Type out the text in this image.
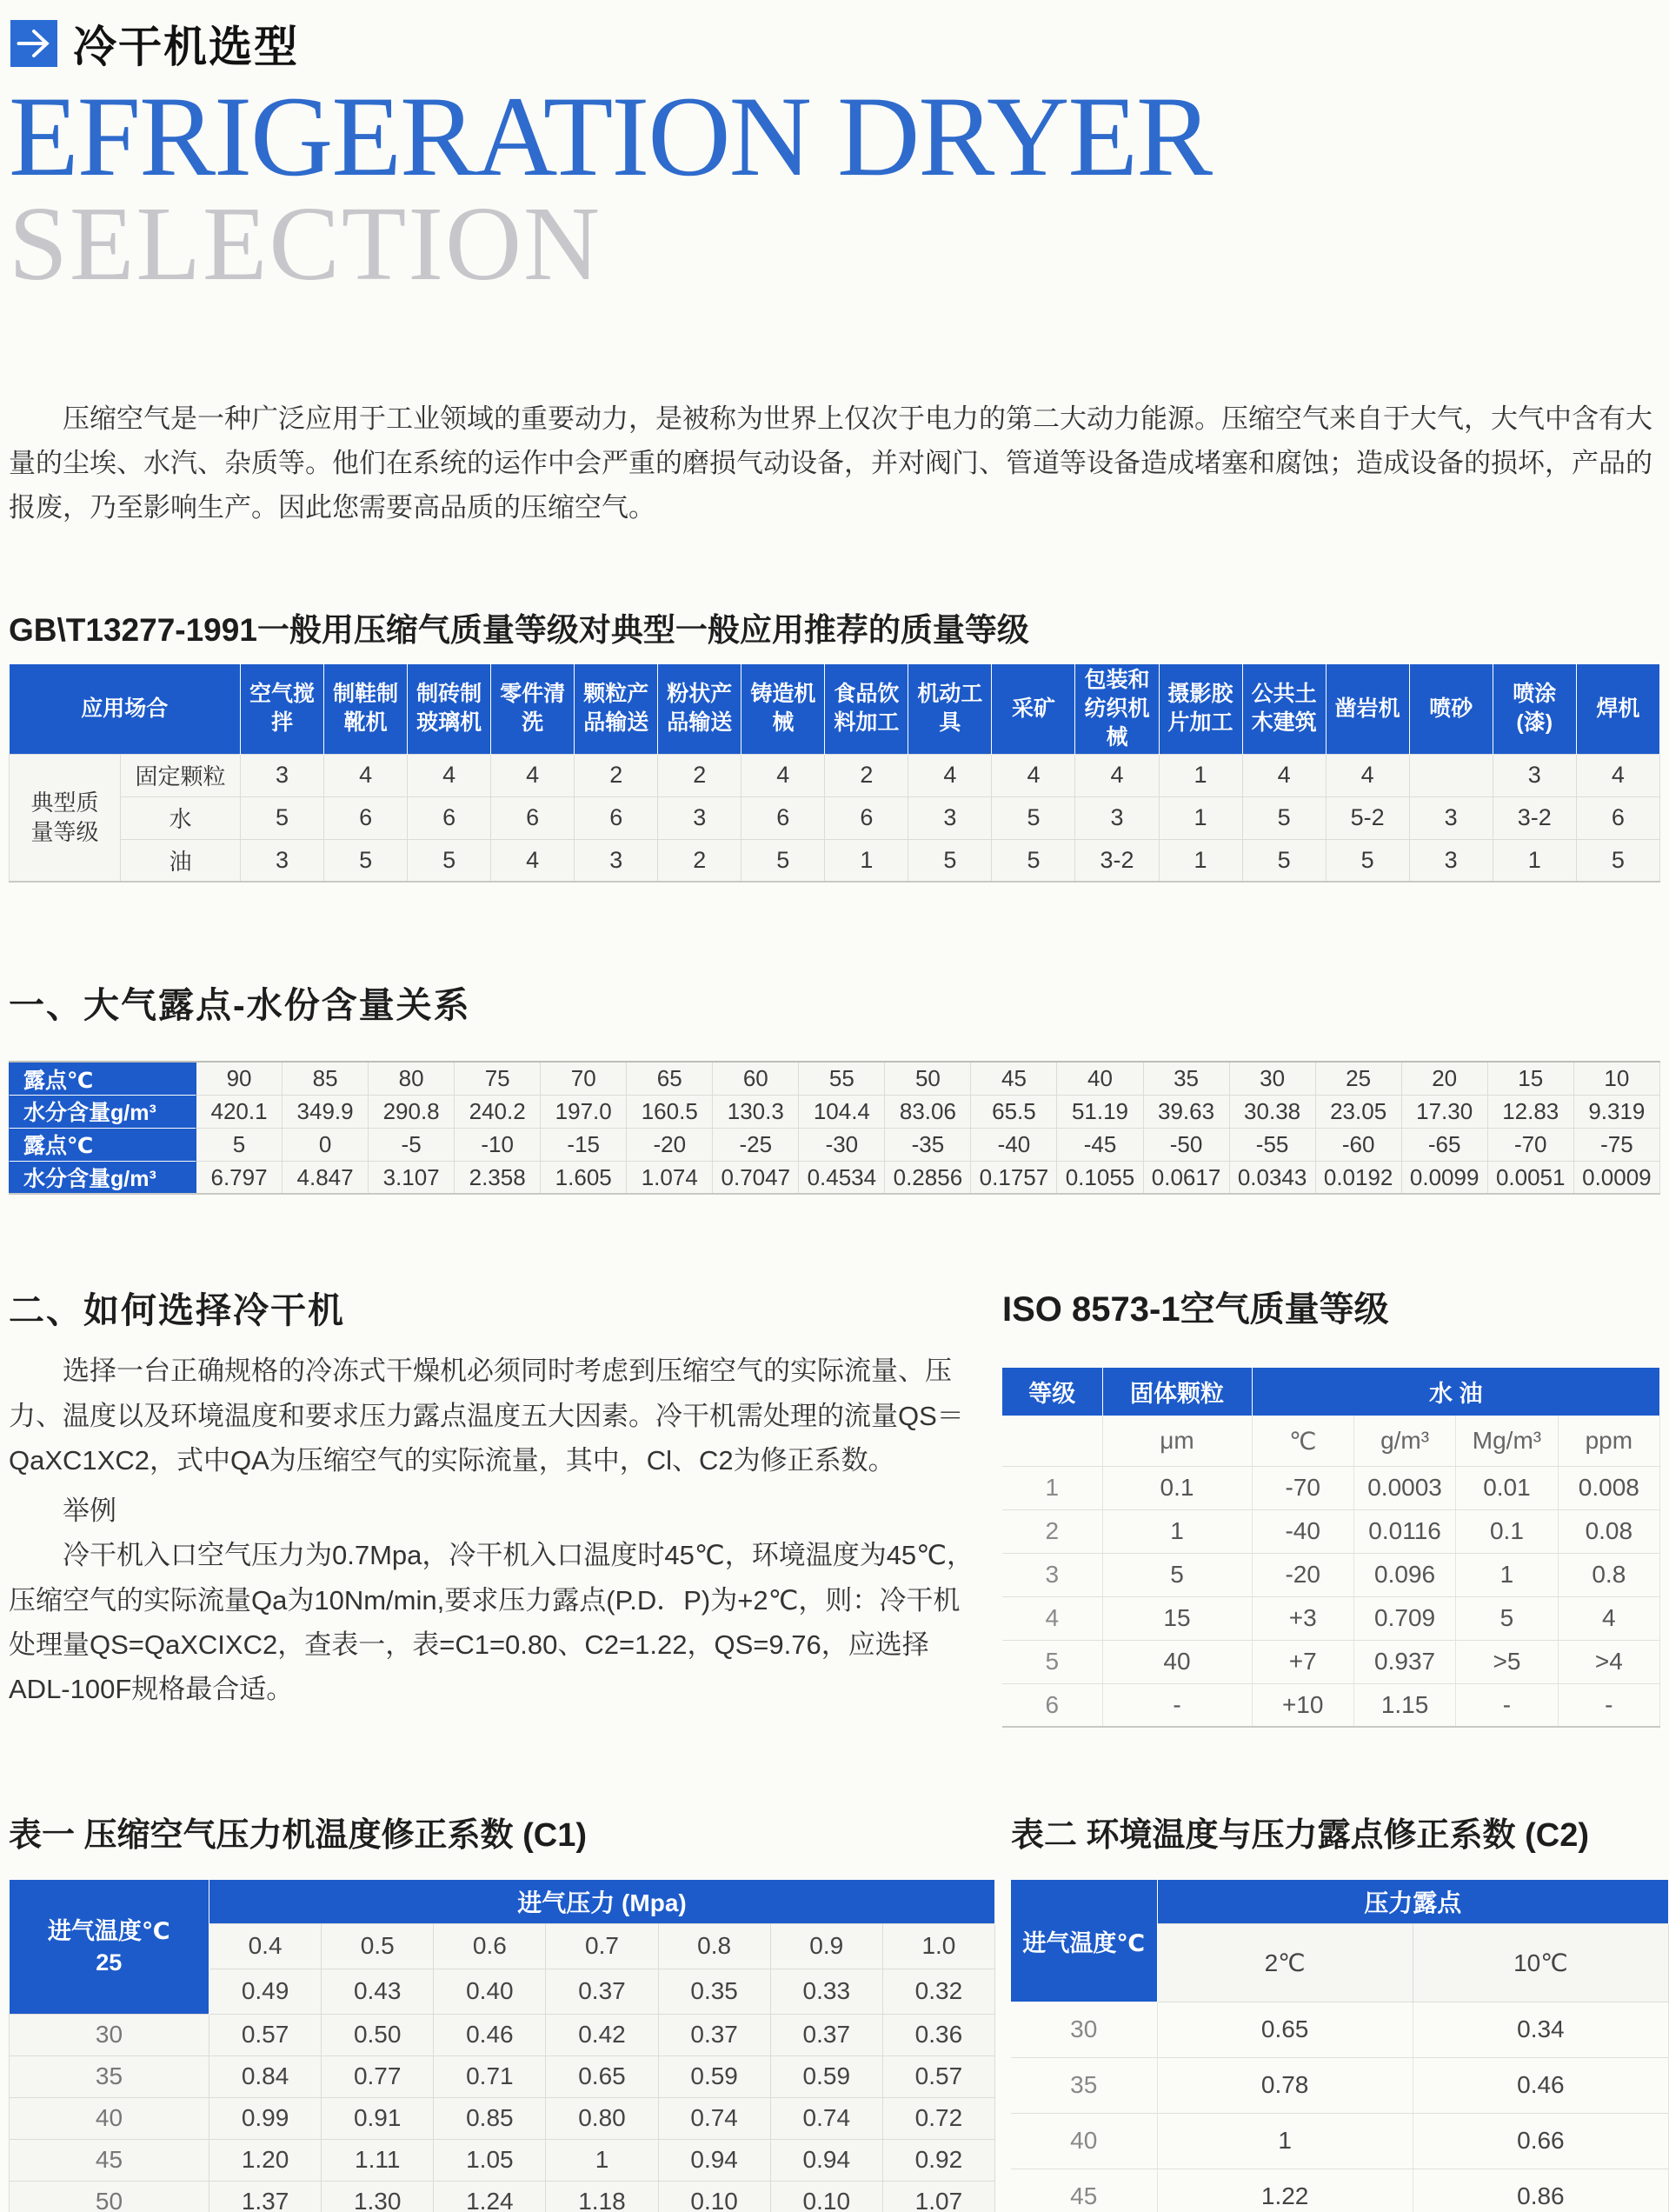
冷干机选型
EFRIGERATION DRYER
SELECTION
压缩空气是一种广泛应用于工业领域的重要动力，是被称为世界上仅次于电力的第二大动力能源。压缩空气来自于大气，大气中含有大量的尘埃、水汽、杂质等。他们在系统的运作中会严重的磨损气动设备，并对阀门、管道等设备造成堵塞和腐蚀；造成设备的损坏，产品的报废，乃至影响生产。因此您需要高品质的压缩空气。
GB\T13277-1991一般用压缩气质量等级对典型一般应用推荐的质量等级
应用场合		空气搅拌	制鞋制靴机	制砖制玻璃机	零件清洗	颗粒产品输送	粉状产品输送	铸造机械	食品饮料加工	机动工具	采矿	包装和纺织机械	摄影胶片加工	公共土木建筑	凿岩机	喷砂	喷涂(漆)	焊机
典型质量等级	固定颗粒	3	4	4	4	2	2	4	2	4	4	4	1	4	4		3	4
	水	5	6	6	6	6	3	6	6	3	5	3	1	5	5-2	3	3-2	6
	油	3	5	5	4	3	2	5	1	5	5	3-2	1	5	5	3	1	5
一、大气露点-水份含量关系
露点℃	90	85	80	75	70	65	60	55	50	45	40	35	30	25	20	15	10
水分含量g/m³	420.1	349.9	290.8	240.2	197.0	160.5	130.3	104.4	83.06	65.5	51.19	39.63	30.38	23.05	17.30	12.83	9.319
露点℃	5	0	-5	-10	-15	-20	-25	-30	-35	-40	-45	-50	-55	-60	-65	-70	-75
水分含量g/m³	6.797	4.847	3.107	2.358	1.605	1.074	0.7047	0.4534	0.2856	0.1757	0.1055	0.0617	0.0343	0.0192	0.0099	0.0051	0.0009
二、如何选择冷干机
选择一台正确规格的冷冻式干燥机必须同时考虑到压缩空气的实际流量、压力、温度以及环境温度和要求压力露点温度五大因素。冷干机需处理的流量QS＝QaXC1XC2，式中QA为压缩空气的实际流量，其中，Cl、C2为修正系数。
举例
冷干机入口空气压力为0.7Mpa，冷干机入口温度时45℃，环境温度为45℃，压缩空气的实际流量Qa为10Nm/min,要求压力露点(P.D．P)为+2℃，则：冷干机处理量QS=QaXCIXC2，查表一，表=C1=0.80、C2=1.22，QS=9.76，应选择ADL-100F规格最合适。
ISO 8573-1空气质量等级
等级	固体颗粒	水 油			
	μm	℃	g/m³	Mg/m³	ppm
1	0.1	-70	0.0003	0.01	0.008
2	1	-40	0.0116	0.1	0.08
3	5	-20	0.096	1	0.8
4	15	+3	0.709	5	4
5	40	+7	0.937	>5	>4
6	-	+10	1.15	-	-
表一 压缩空气压力机温度修正系数 (C1)
进气温度℃
25	进气压力 (Mpa)						
	0.4	0.5	0.6	0.7	0.8	0.9	1.0
	0.49	0.43	0.40	0.37	0.35	0.33	0.32
30	0.57	0.50	0.46	0.42	0.37	0.37	0.36
35	0.84	0.77	0.71	0.65	0.59	0.59	0.57
40	0.99	0.91	0.85	0.80	0.74	0.74	0.72
45	1.20	1.11	1.05	1	0.94	0.94	0.92
50	1.37	1.30	1.24	1.18	0.10	0.10	1.07
表二 环境温度与压力露点修正系数 (C2)
进气温度℃	压力露点	
	2℃	10℃
30	0.65	0.34
35	0.78	0.46
40	1	0.66
45	1.22	0.86
